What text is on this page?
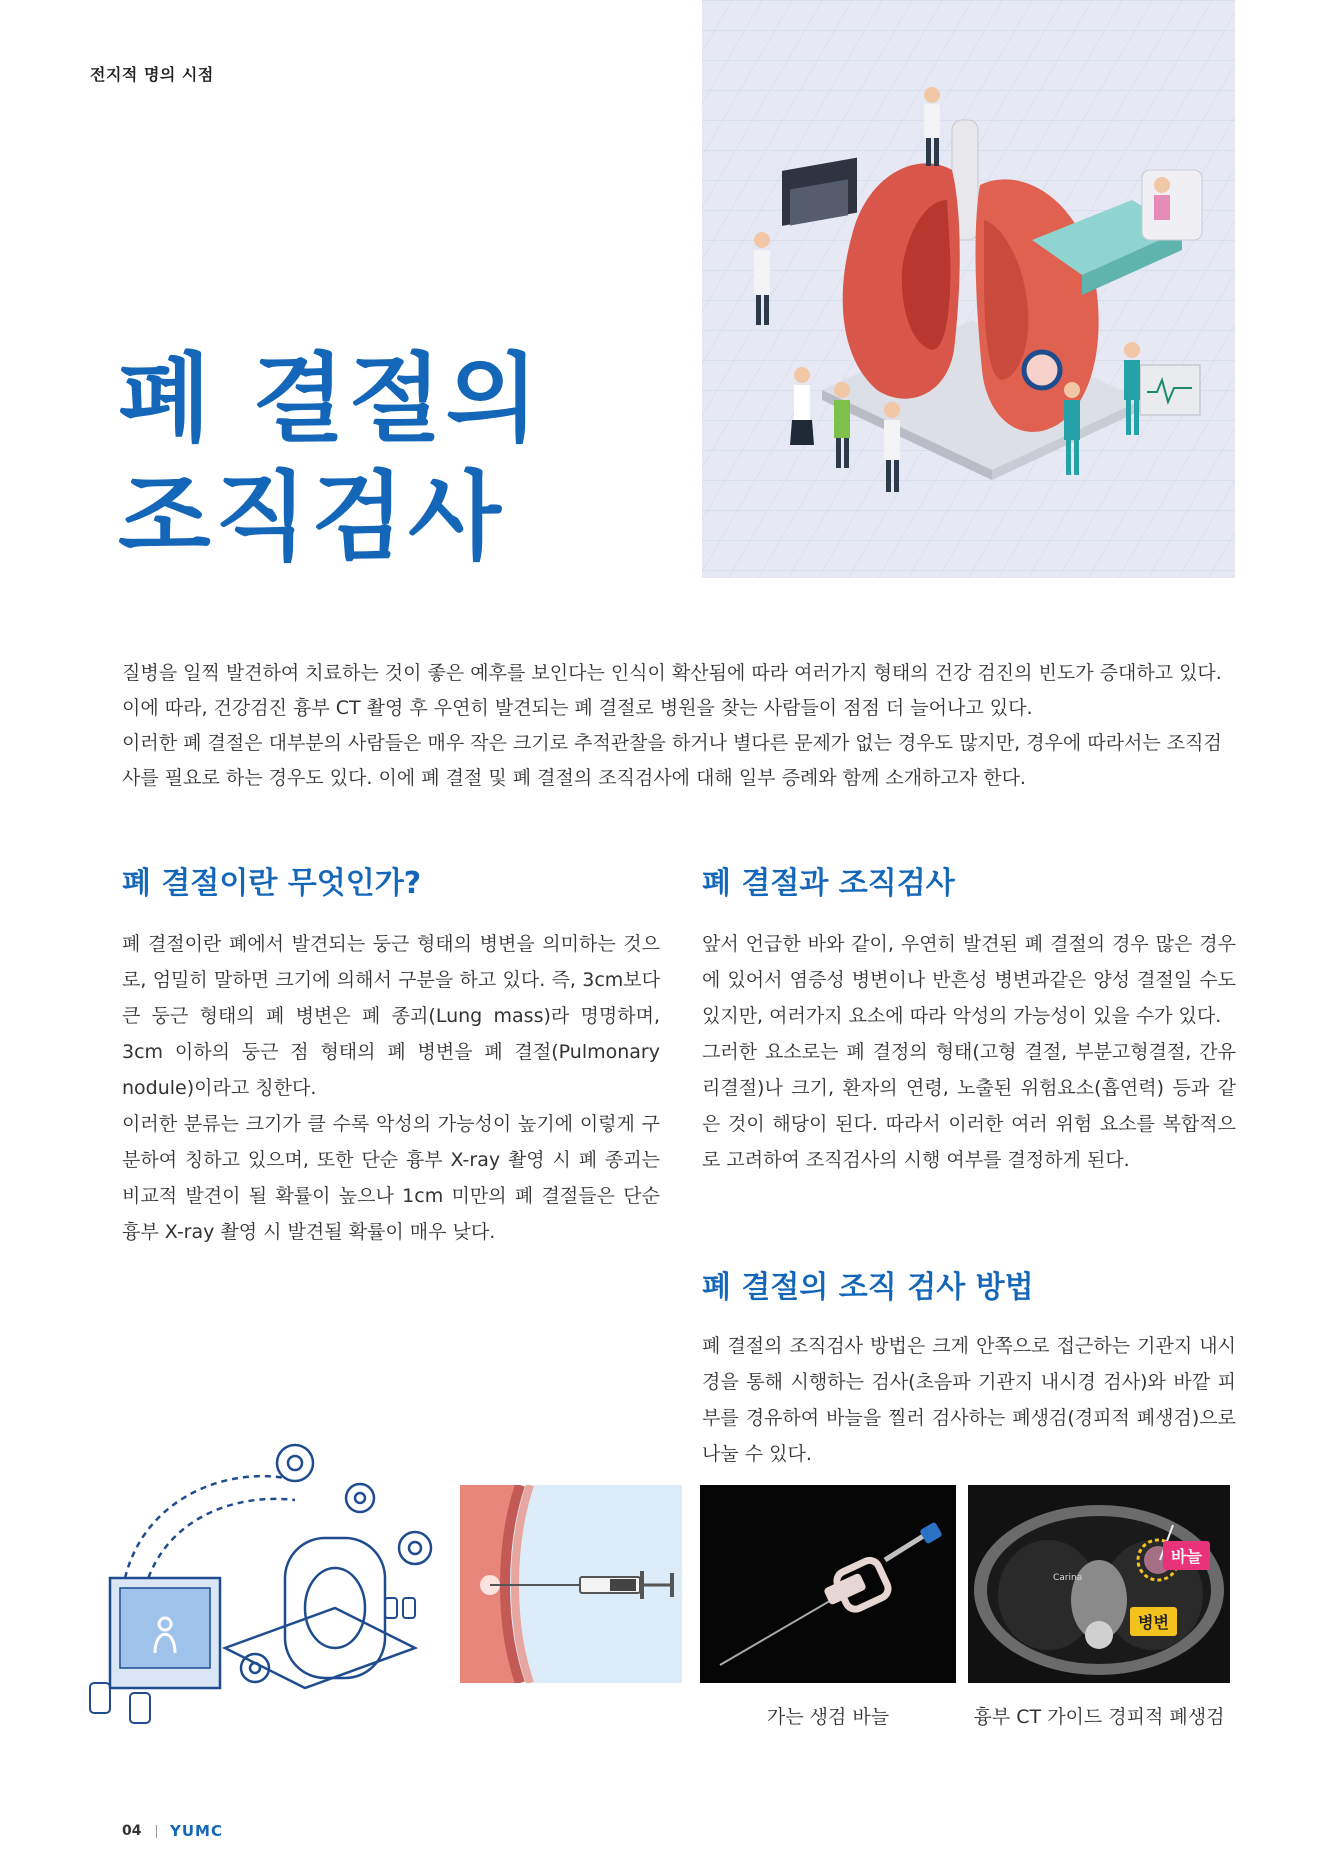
전지적 명의 시점
폐 결절의
조직검사

질병을 일찍 발견하여 치료하는 것이 좋은 예후를 보인다는 인식이 확산됨에 따라 여러가지 형태의 건강 검진의 빈도가 증대하고 있다. 이에 따라, 건강검진 흉부 CT 촬영 후 우연히 발견되는 폐 결절로 병원을 찾는 사람들이 점점 더 늘어나고 있다.

이러한 폐 결절은 대부분의 사람들은 매우 작은 크기로 추적관찰을 하거나 별다른 문제가 없는 경우도 많지만, 경우에 따라서는 조직검사를 필요로 하는 경우도 있다. 이에 폐 결절 및 폐 결절의 조직검사에 대해 일부 증례와 함께 소개하고자 한다.

폐 결절이란 무엇인가?

폐 결절이란 폐에서 발견되는 둥근 형태의 병변을 의미하는 것으로, 엄밀히 말하면 크기에 의해서 구분을 하고 있다. 즉, 3cm보다 큰 둥근 형태의 폐 병변은 폐 종괴(Lung mass)라 명명하며, 3cm 이하의 둥근 점 형태의 폐 병변을 폐 결절(Pulmonary nodule)이라고 칭한다.

이러한 분류는 크기가 클 수록 악성의 가능성이 높기에 이렇게 구분하여 칭하고 있으며, 또한 단순 흉부 X-ray 촬영 시 폐 종괴는 비교적 발견이 될 확률이 높으나 1cm 미만의 폐 결절들은 단순 흉부 X-ray 촬영 시 발견될 확률이 매우 낮다.

폐 결절과 조직검사

앞서 언급한 바와 같이, 우연히 발견된 폐 결절의 경우 많은 경우에 있어서 염증성 병변이나 반흔성 병변과같은 양성 결절일 수도 있지만, 여러가지 요소에 따라 악성의 가능성이 있을 수가 있다.

그러한 요소로는 폐 결정의 형태(고형 결절, 부분고형결절, 간유리결절)나 크기, 환자의 연령, 노출된 위험요소(흡연력) 등과 같은 것이 해당이 된다. 따라서 이러한 여러 위험 요소를 복합적으로 고려하여 조직검사의 시행 여부를 결정하게 된다.

폐 결절의 조직 검사 방법

폐 결절의 조직검사 방법은 크게 안쪽으로 접근하는 기관지 내시경을 통해 시행하는 검사(초음파 기관지 내시경 검사)와 바깥 피부를 경유하여 바늘을 찔러 검사하는 폐생검(경피적 폐생검)으로 나눌 수 있다.

Carina
바늘
병변
가는 생검 바늘	흉부 CT 가이드 경피적 폐생검
04 YUMC
